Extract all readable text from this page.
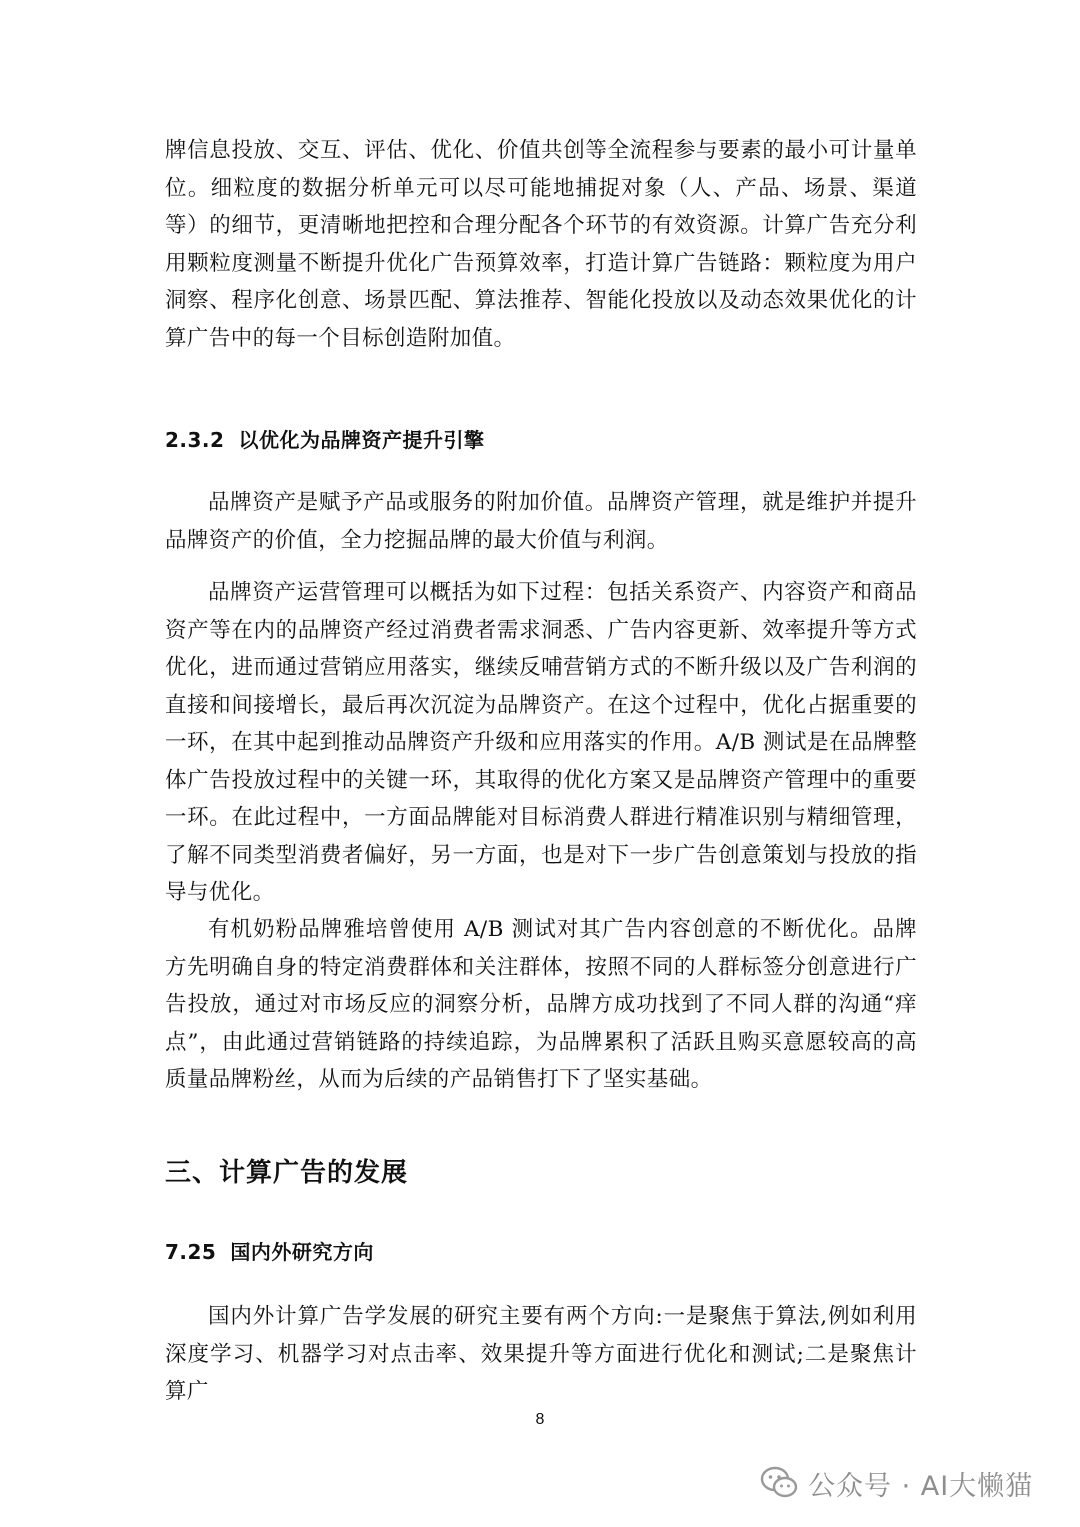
牌信息投放、交互、评估、优化、价值共创等全流程参与要素的最小可计量单位。细粒度的数据分析单元可以尽可能地捕捉对象（人、产品、场景、渠道等）的细节，更清晰地把控和合理分配各个环节的有效资源。计算广告充分利用颗粒度测量不断提升优化广告预算效率，打造计算广告链路：颗粒度为用户洞察、程序化创意、场景匹配、算法推荐、智能化投放以及动态效果优化的计算广告中的每一个目标创造附加值。

2.3.2 以优化为品牌资产提升引擎

品牌资产是赋予产品或服务的附加价值。品牌资产管理，就是维护并提升品牌资产的价值，全力挖掘品牌的最大价值与利润。

品牌资产运营管理可以概括为如下过程：包括关系资产、内容资产和商品资产等在内的品牌资产经过消费者需求洞悉、广告内容更新、效率提升等方式优化，进而通过营销应用落实，继续反哺营销方式的不断升级以及广告利润的直接和间接增长，最后再次沉淀为品牌资产。在这个过程中，优化占据重要的一环，在其中起到推动品牌资产升级和应用落实的作用。A/B 测试是在品牌整体广告投放过程中的关键一环，其取得的优化方案又是品牌资产管理中的重要一环。在此过程中，一方面品牌能对目标消费人群进行精准识别与精细管理，了解不同类型消费者偏好，另一方面，也是对下一步广告创意策划与投放的指导与优化。

有机奶粉品牌雅培曾使用 A/B 测试对其广告内容创意的不断优化。品牌方先明确自身的特定消费群体和关注群体，按照不同的人群标签分创意进行广告投放，通过对市场反应的洞察分析，品牌方成功找到了不同人群的沟通“痒点”，由此通过营销链路的持续追踪，为品牌累积了活跃且购买意愿较高的高质量品牌粉丝，从而为后续的产品销售打下了坚实基础。

三、计算广告的发展
7.25 国内外研究方向

国内外计算广告学发展的研究主要有两个方向:一是聚焦于算法,例如利用深度学习、机器学习对点击率、效果提升等方面进行优化和测试;二是聚焦计算广

8
公众号 · AI大懒猫
